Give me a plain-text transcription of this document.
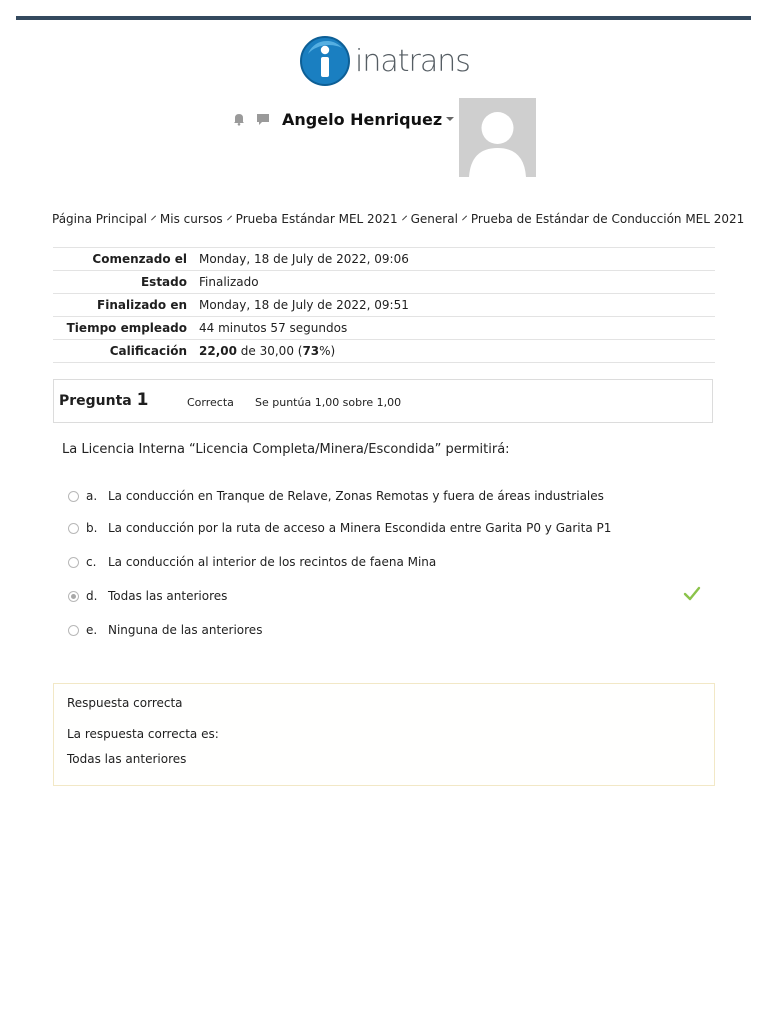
inatrans
Angelo Henriquez
Página Principal Mis cursos Prueba Estándar MEL 2021 General Prueba de Estándar de Conducción MEL 2021
Comenzado el	Monday, 18 de July de 2022, 09:06
Estado	Finalizado
Finalizado en	Monday, 18 de July de 2022, 09:51
Tiempo empleado	44 minutos 57 segundos
Calificación	22,00 de 30,00 (73%)
Pregunta 1	Correcta Se puntúa 1,00 sobre 1,00
La Licencia Interna “Licencia Completa/Minera/Escondida” permitirá:
a. La conducción en Tranque de Relave, Zonas Remotas y fuera de áreas industriales
b. La conducción por la ruta de acceso a Minera Escondida entre Garita P0 y Garita P1
c. La conducción al interior de los recintos de faena Mina
d. Todas las anteriores
e. Ninguna de las anteriores
Respuesta correcta
La respuesta correcta es:
Todas las anteriores
